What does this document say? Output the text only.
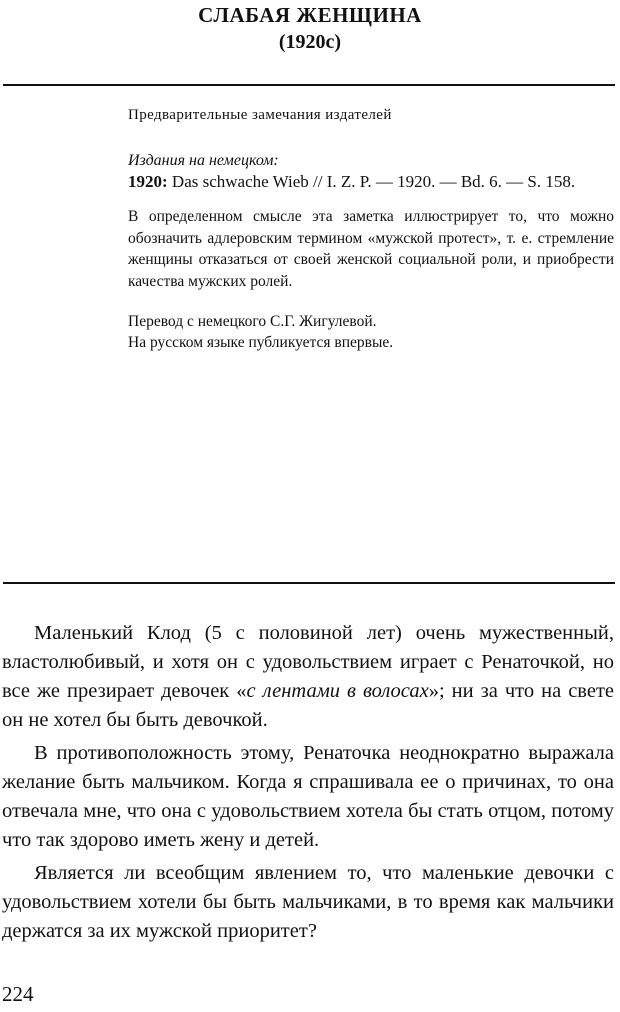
СЛАБАЯ ЖЕНЩИНА
(1920с)
Предварительные замечания издателей
Издания на немецком:
1920: Das schwache Wieb // I. Z. P. — 1920. — Bd. 6. — S. 158.

В определенном смысле эта заметка иллюстрирует то, что можно обозначить адлеровским термином «мужской протест», т. е. стремление женщины отказаться от своей женской социальной роли, и приобрести качества мужских ролей.

Перевод с немецкого С.Г. Жигулевой.
На русском языке публикуется впервые.

Маленький Клод (5 с половиной лет) очень мужественный, властолюбивый, и хотя он с удовольствием играет с Ренаточкой, но все же презирает девочек «с лентами в волосах»; ни за что на свете он не хотел бы быть девочкой.

В противоположность этому, Ренаточка неоднократно выражала желание быть мальчиком. Когда я спрашивала ее о причинах, то она отвечала мне, что она с удовольствием хотела бы стать отцом, потому что так здорово иметь жену и детей.

Является ли всеобщим явлением то, что маленькие девочки с удовольствием хотели бы быть мальчиками, в то время как мальчики держатся за их мужской приоритет?

224
